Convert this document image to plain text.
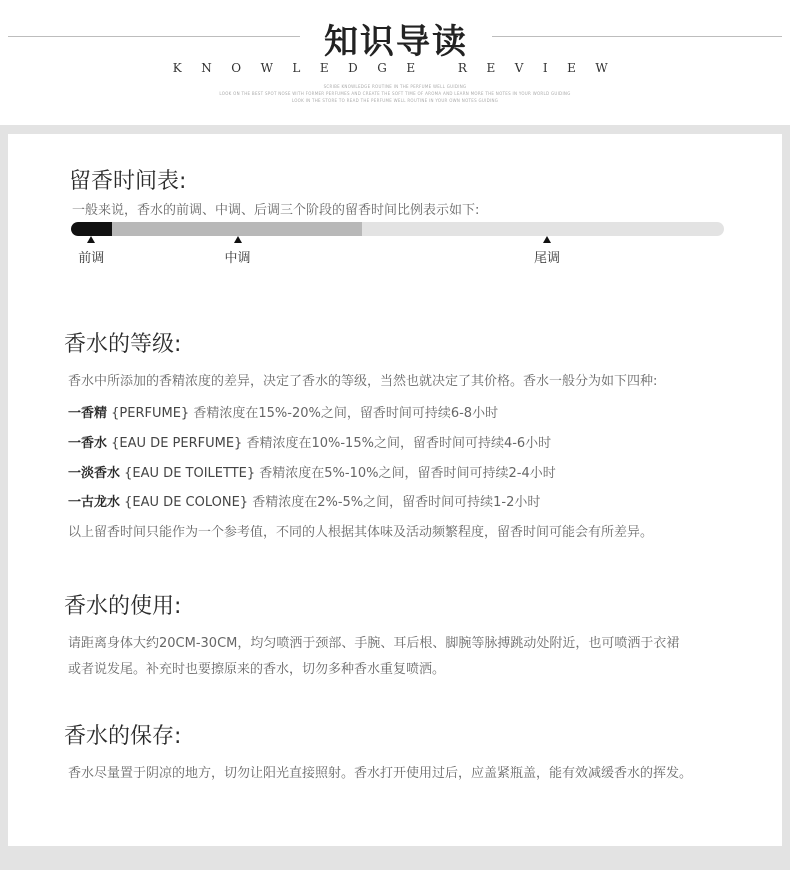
知识导读
KNOWLEDGE REVIEW
SCRIBE KNOWLEDGE ROUTINE IN THE PERFUME WELL GUIDING
LOOK ON THE BEST SPOT NOSE WITH FORMER PERFUMES AND CREATE THE SOFT TIME OF AROMA AND LEARN MORE THE NOTES IN YOUR WORLD GUIDING
LOOK IN THE STORE TO READ THE PERFUME WELL ROUTINE IN YOUR OWN NOTES GUIDING
留香时间表:
一般来说，香水的前调、中调、后调三个阶段的留香时间比例表示如下:
前调	中调	尾调
香水的等级:
香水中所添加的香精浓度的差异，决定了香水的等级，当然也就决定了其价格。香水一般分为如下四种:
一香精 {PERFUME} 香精浓度在15%-20%之间，留香时间可持续6-8小时
一香水 {EAU DE PERFUME} 香精浓度在10%-15%之间，留香时间可持续4-6小时
一淡香水 {EAU DE TOILETTE} 香精浓度在5%-10%之间，留香时间可持续2-4小时
一古龙水 {EAU DE COLONE} 香精浓度在2%-5%之间，留香时间可持续1-2小时
以上留香时间只能作为一个参考值，不同的人根据其体味及活动频繁程度，留香时间可能会有所差异。
香水的使用:
请距离身体大约20CM-30CM，均匀喷洒于颈部、手腕、耳后根、脚腕等脉搏跳动处附近，也可喷洒于衣裙
或者说发尾。补充时也要擦原来的香水，切勿多种香水重复喷洒。
香水的保存:
香水尽量置于阴凉的地方，切勿让阳光直接照射。香水打开使用过后，应盖紧瓶盖，能有效减缓香水的挥发。
